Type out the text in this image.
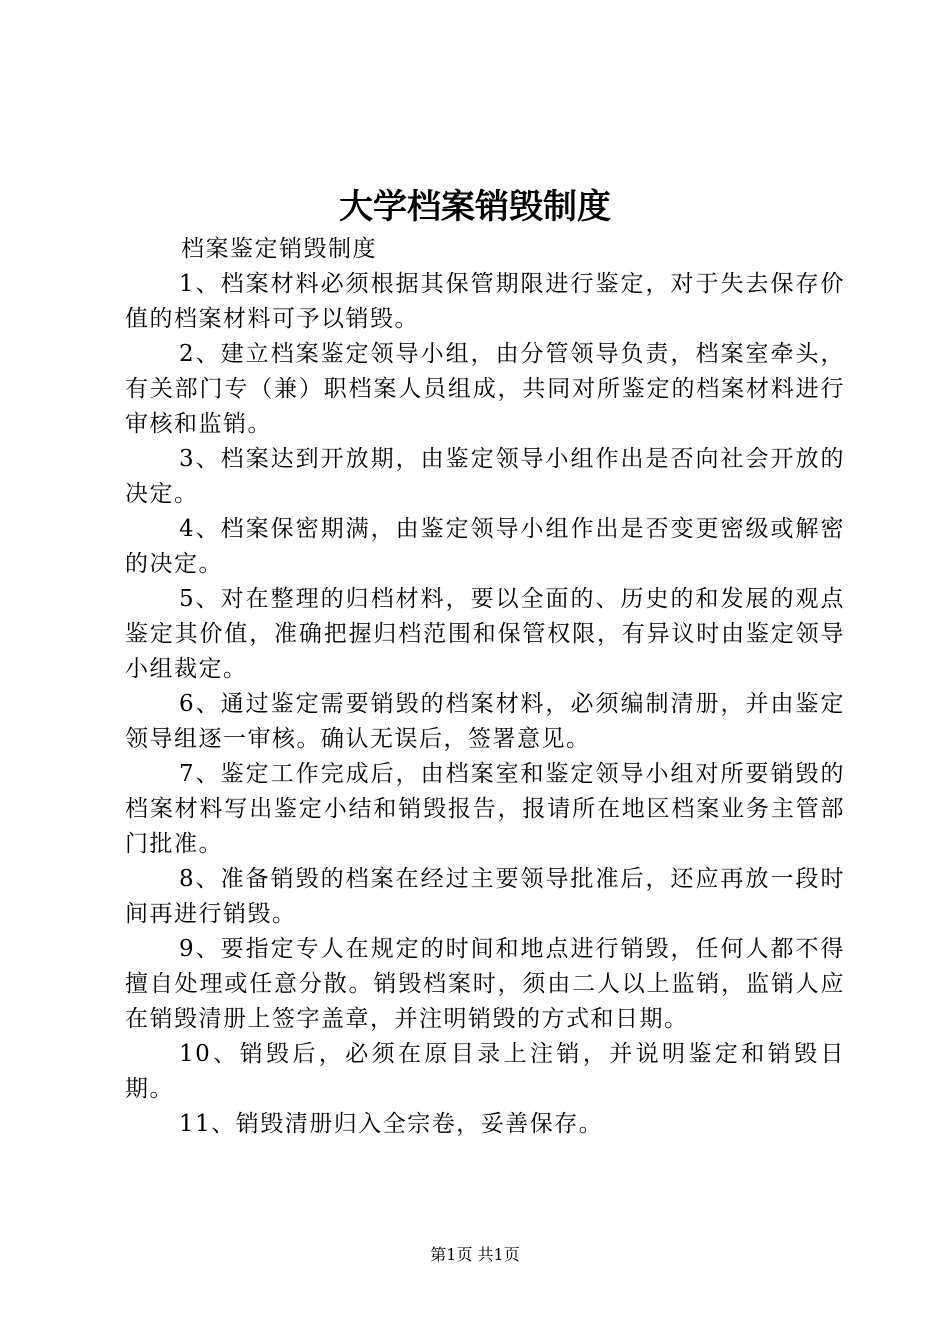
大学档案销毁制度

档案鉴定销毁制度

1、档案材料必须根据其保管期限进行鉴定，对于失去保存价值的档案材料可予以销毁。

2、建立档案鉴定领导小组，由分管领导负责，档案室牵头，有关部门专（兼）职档案人员组成，共同对所鉴定的档案材料进行审核和监销。

3、档案达到开放期，由鉴定领导小组作出是否向社会开放的决定。

4、档案保密期满，由鉴定领导小组作出是否变更密级或解密的决定。

5、对在整理的归档材料，要以全面的、历史的和发展的观点鉴定其价值，准确把握归档范围和保管权限，有异议时由鉴定领导小组裁定。

6、通过鉴定需要销毁的档案材料，必须编制清册，并由鉴定领导组逐一审核。确认无误后，签署意见。

7、鉴定工作完成后，由档案室和鉴定领导小组对所要销毁的档案材料写出鉴定小结和销毁报告，报请所在地区档案业务主管部门批准。

8、准备销毁的档案在经过主要领导批准后，还应再放一段时间再进行销毁。

9、要指定专人在规定的时间和地点进行销毁，任何人都不得擅自处理或任意分散。销毁档案时，须由二人以上监销，监销人应在销毁清册上签字盖章，并注明销毁的方式和日期。

10、销毁后，必须在原目录上注销，并说明鉴定和销毁日期。

11、销毁清册归入全宗卷，妥善保存。

第1页 共1页
